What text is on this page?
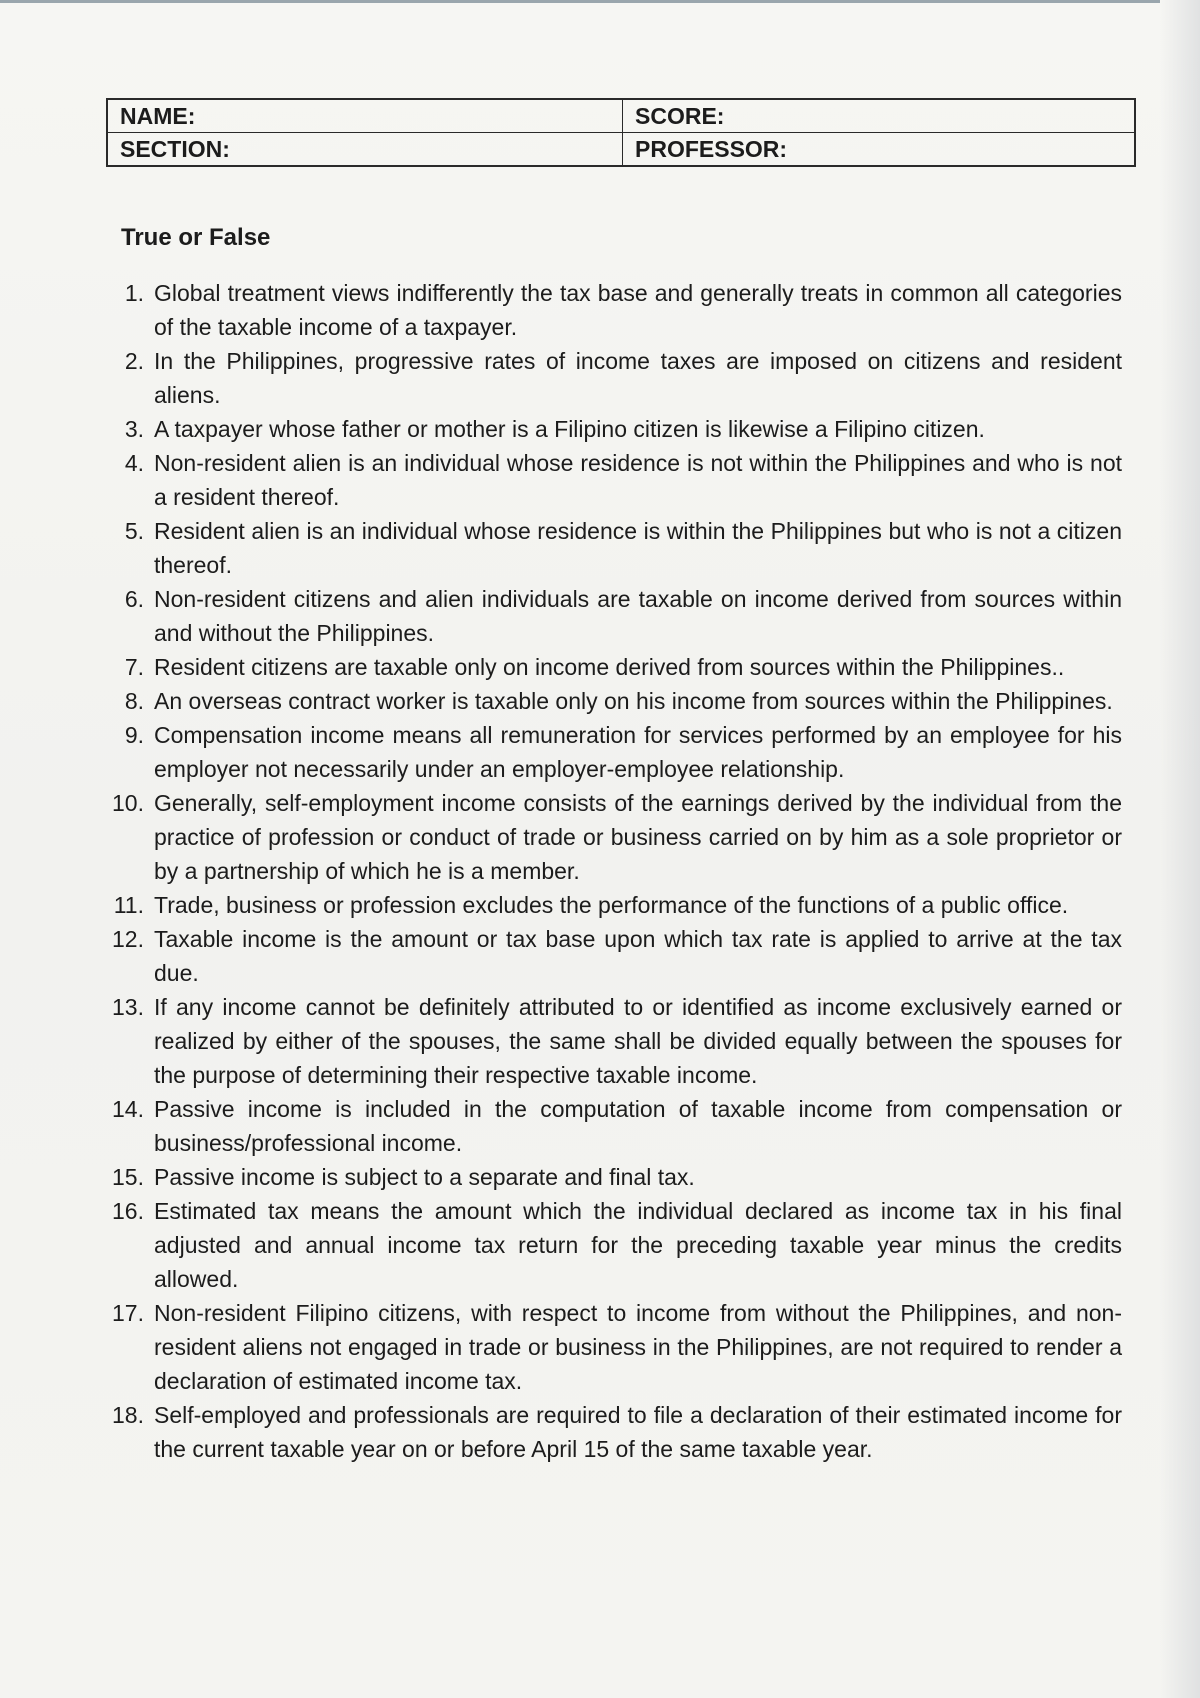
NAME:	SCORE:
SECTION:	PROFESSOR:
True or False
1. Global treatment views indifferently the tax base and generally treats in common all categories of the taxable income of a taxpayer.
2. In the Philippines, progressive rates of income taxes are imposed on citizens and resident aliens.
3. A taxpayer whose father or mother is a Filipino citizen is likewise a Filipino citizen.
4. Non-resident alien is an individual whose residence is not within the Philippines and who is not a resident thereof.
5. Resident alien is an individual whose residence is within the Philippines but who is not a citizen thereof.
6. Non-resident citizens and alien individuals are taxable on income derived from sources within and without the Philippines.
7. Resident citizens are taxable only on income derived from sources within the Philippines..
8. An overseas contract worker is taxable only on his income from sources within the Philippines.
9. Compensation income means all remuneration for services performed by an employee for his employer not necessarily under an employer-employee relationship.
10. Generally, self-employment income consists of the earnings derived by the individual from the practice of profession or conduct of trade or business carried on by him as a sole proprietor or by a partnership of which he is a member.
11. Trade, business or profession excludes the performance of the functions of a public office.
12. Taxable income is the amount or tax base upon which tax rate is applied to arrive at the tax due.
13. If any income cannot be definitely attributed to or identified as income exclusively earned or realized by either of the spouses, the same shall be divided equally between the spouses for the purpose of determining their respective taxable income.
14. Passive income is included in the computation of taxable income from compensation or business/professional income.
15. Passive income is subject to a separate and final tax.
16. Estimated tax means the amount which the individual declared as income tax in his final adjusted and annual income tax return for the preceding taxable year minus the credits allowed.
17. Non-resident Filipino citizens, with respect to income from without the Philippines, and non-resident aliens not engaged in trade or business in the Philippines, are not required to render a declaration of estimated income tax.
18. Self-employed and professionals are required to file a declaration of their estimated income for the current taxable year on or before April 15 of the same taxable year.
